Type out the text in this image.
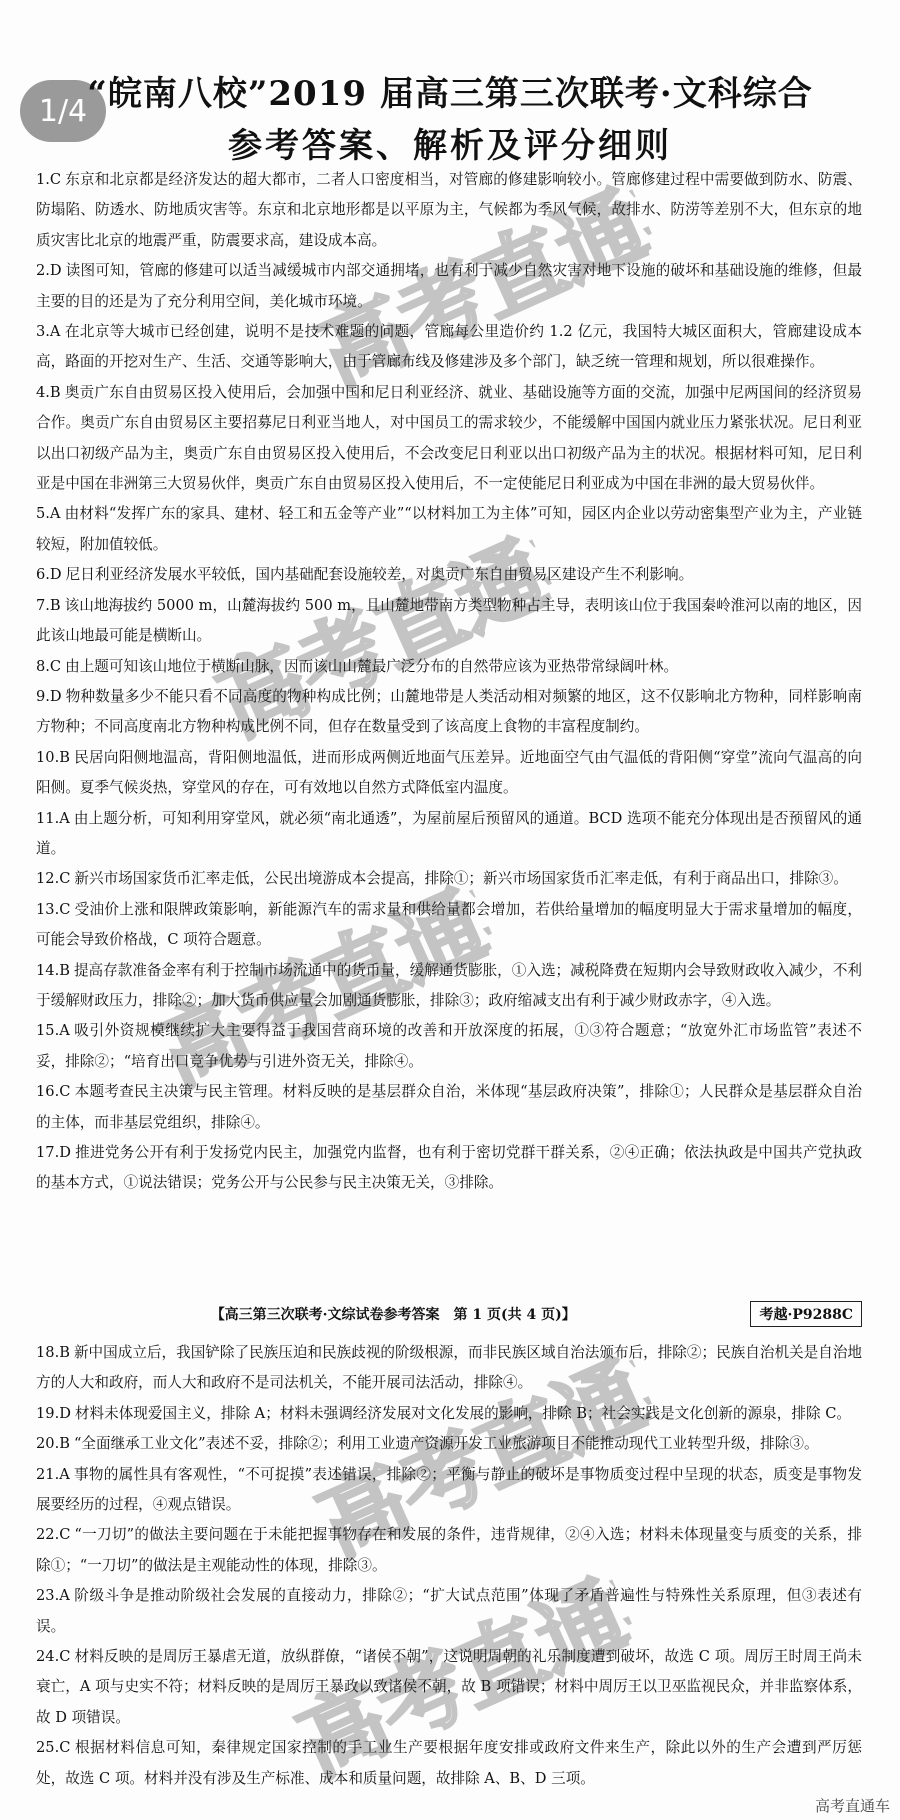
1/4 “皖南八校”2019 届高三第三次联考·文科综合
参考答案、解析及评分细则

1.C 东京和北京都是经济发达的超大都市，二者人口密度相当，对管廊的修建影响较小。管廊修建过程中需要做到防水、防震、防塌陷、防透水、防地质灾害等。东京和北京地形都是以平原为主，气候都为季风气候，故排水、防涝等差别不大，但东京的地质灾害比北京的地震严重，防震要求高，建设成本高。

2.D 读图可知，管廊的修建可以适当减缓城市内部交通拥堵，也有利于减少自然灾害对地下设施的破坏和基础设施的维修，但最主要的目的还是为了充分利用空间，美化城市环境。

3.A 在北京等大城市已经创建，说明不是技术难题的问题，管廊每公里造价约 1.2 亿元，我国特大城区面积大，管廊建设成本高，路面的开挖对生产、生活、交通等影响大，由于管廊布线及修建涉及多个部门，缺乏统一管理和规划，所以很难操作。

4.B 奥贡广东自由贸易区投入使用后，会加强中国和尼日利亚经济、就业、基础设施等方面的交流，加强中尼两国间的经济贸易合作。奥贡广东自由贸易区主要招募尼日利亚当地人，对中国员工的需求较少，不能缓解中国国内就业压力紧张状况。尼日利亚以出口初级产品为主，奥贡广东自由贸易区投入使用后，不会改变尼日利亚以出口初级产品为主的状况。根据材料可知，尼日利亚是中国在非洲第三大贸易伙伴，奥贡广东自由贸易区投入使用后，不一定使能尼日利亚成为中国在非洲的最大贸易伙伴。

5.A 由材料“发挥广东的家具、建材、轻工和五金等产业”“以材料加工为主体”可知，园区内企业以劳动密集型产业为主，产业链较短，附加值较低。

6.D 尼日利亚经济发展水平较低，国内基础配套设施较差，对奥贡广东自由贸易区建设产生不利影响。

7.B 该山地海拔约 5000 m，山麓海拔约 500 m，且山麓地带南方类型物种占主导，表明该山位于我国秦岭淮河以南的地区，因此该山地最可能是横断山。

8.C 由上题可知该山地位于横断山脉，因而该山山麓最广泛分布的自然带应该为亚热带常绿阔叶林。

9.D 物种数量多少不能只看不同高度的物种构成比例；山麓地带是人类活动相对频繁的地区，这不仅影响北方物种，同样影响南方物种；不同高度南北方物种构成比例不同，但存在数量受到了该高度上食物的丰富程度制约。

10.B 民居向阳侧地温高，背阳侧地温低，进而形成两侧近地面气压差异。近地面空气由气温低的背阳侧“穿堂”流向气温高的向阳侧。夏季气候炎热，穿堂风的存在，可有效地以自然方式降低室内温度。

11.A 由上题分析，可知利用穿堂风，就必须“南北通透”，为屋前屋后预留风的通道。BCD 选项不能充分体现出是否预留风的通道。

12.C 新兴市场国家货币汇率走低，公民出境游成本会提高，排除①；新兴市场国家货币汇率走低，有利于商品出口，排除③。

13.C 受油价上涨和限牌政策影响，新能源汽车的需求量和供给量都会增加，若供给量增加的幅度明显大于需求量增加的幅度，可能会导致价格战，C 项符合题意。

14.B 提高存款准备金率有利于控制市场流通中的货币量，缓解通货膨胀，①入选；减税降费在短期内会导致财政收入减少，不利于缓解财政压力，排除②；加大货币供应量会加剧通货膨胀，排除③；政府缩减支出有利于减少财政赤字，④入选。

15.A 吸引外资规模继续扩大主要得益于我国营商环境的改善和开放深度的拓展，①③符合题意；“放宽外汇市场监管”表述不妥，排除②；“培育出口竞争优势与引进外资无关，排除④。

16.C 本题考查民主决策与民主管理。材料反映的是基层群众自治，米体现“基层政府决策”，排除①；人民群众是基层群众自治的主体，而非基层党组织，排除④。

17.D 推进党务公开有利于发扬党内民主，加强党内监督，也有利于密切党群干群关系，②④正确；依法执政是中国共产党执政的基本方式，①说法错误；党务公开与公民参与民主决策无关，③排除。

【高三第三次联考·文综试卷参考答案　第 1 页(共 4 页)】	考越·P9288C

18.B 新中国成立后，我国铲除了民族压迫和民族歧视的阶级根源，而非民族区域自治法颁布后，排除②；民族自治机关是自治地方的人大和政府，而人大和政府不是司法机关，不能开展司法活动，排除④。

19.D 材料未体现爱国主义，排除 A；材料未强调经济发展对文化发展的影响，排除 B；社会实践是文化创新的源泉，排除 C。

20.B “全面继承工业文化”表述不妥，排除②；利用工业遗产资源开发工业旅游项目不能推动现代工业转型升级，排除③。

21.A 事物的属性具有客观性，“不可捉摸”表述错误，排除②；平衡与静止的破坏是事物质变过程中呈现的状态，质变是事物发展要经历的过程，④观点错误。

22.C “一刀切”的做法主要问题在于未能把握事物存在和发展的条件，违背规律，②④入选；材料未体现量变与质变的关系，排除①；“一刀切”的做法是主观能动性的体现，排除③。

23.A 阶级斗争是推动阶级社会发展的直接动力，排除②；“扩大试点范围”体现了矛盾普遍性与特殊性关系原理，但③表述有误。

24.C 材料反映的是周厉王暴虐无道，放纵群僚，“诸侯不朝”，这说明周朝的礼乐制度遭到破坏，故选 C 项。周厉王时周王尚未衰亡，A 项与史实不符；材料反映的是周厉王暴政以致诸侯不朝，故 B 项错误；材料中周厉王以卫巫监视民众，并非监察体系，故 D 项错误。

25.C 根据材料信息可知，秦律规定国家控制的手工业生产要根据年度安排或政府文件来生产，除此以外的生产会遭到严厉惩处，故选 C 项。材料并没有涉及生产标准、成本和质量问题，故排除 A、B、D 三项。

高考直通车
高考直通车
高考直通车
高考直通车
高考直通车
高考直通车
